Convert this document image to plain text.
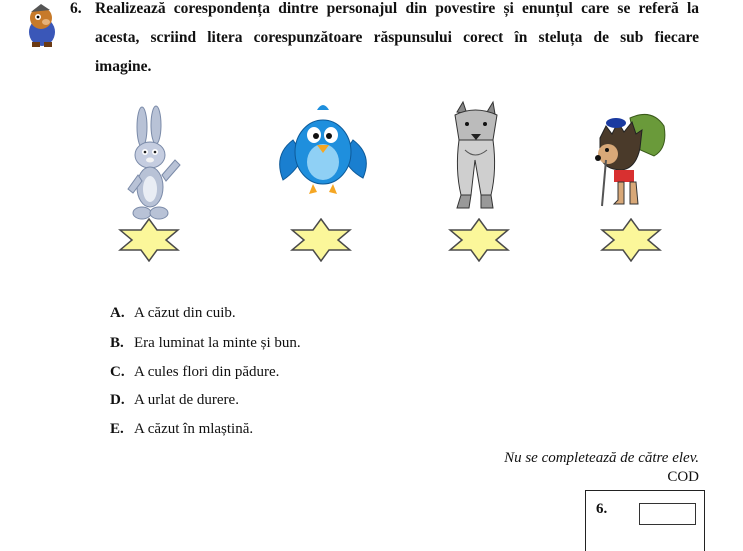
6. Realizează corespondența dintre personajul din povestire și enunțul care se referă la
acesta, scriind litera corespunzătoare răspunsului corect în steluța de sub fiecare
imagine.
A. A căzut din cuib.
B. Era luminat la minte și bun.
C. A cules flori din pădure.
D. A urlat de durere.
E. A căzut în mlaștină.
Nu se completează de către elev.
COD
6.
